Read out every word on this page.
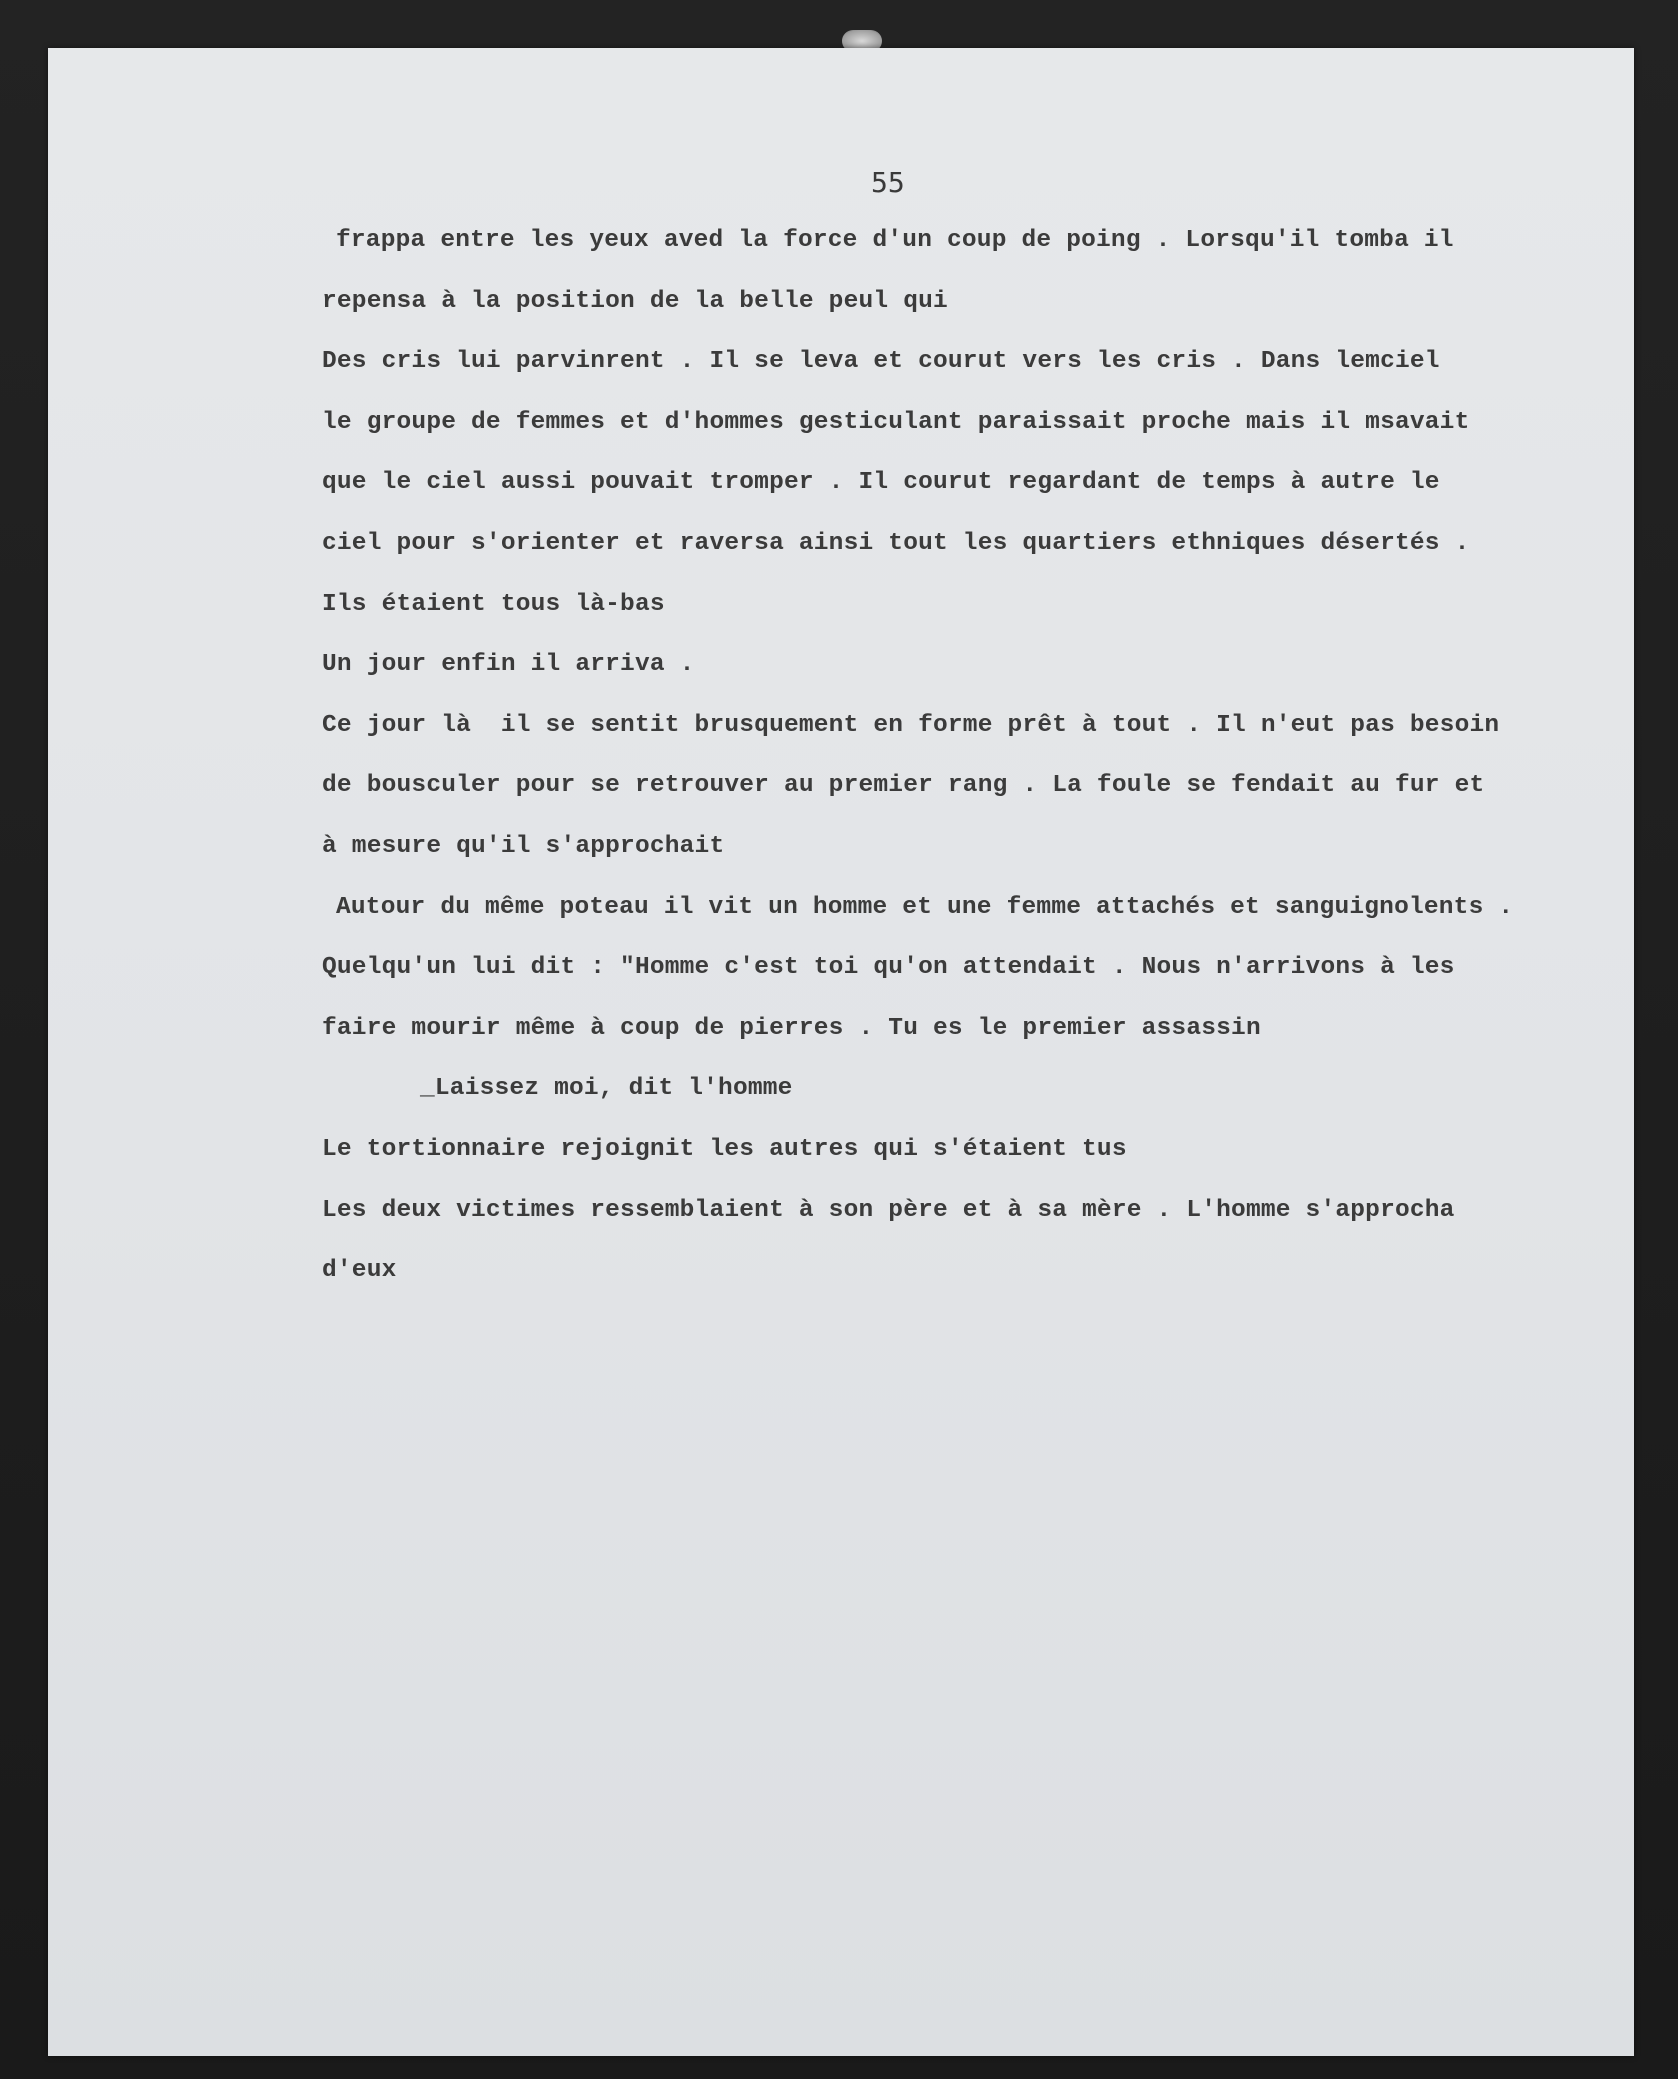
55
frappa entre les yeux aved la force d'un coup de poing . Lorsqu'il tomba il
repensa à la position de la belle peul qui
Des cris lui parvinrent . Il se leva et courut vers les cris . Dans lemciel
le groupe de femmes et d'hommes gesticulant paraissait proche mais il msavait
que le ciel aussi pouvait tromper . Il courut regardant de temps à autre le
ciel pour s'orienter et raversa ainsi tout les quartiers ethniques désertés .
Ils étaient tous là-bas
Un jour enfin il arriva .
Ce jour là  il se sentit brusquement en forme prêt à tout . Il n'eut pas besoin
de bousculer pour se retrouver au premier rang . La foule se fendait au fur et
à mesure qu'il s'approchait
Autour du même poteau il vit un homme et une femme attachés et sanguignolents .
Quelqu'un lui dit : "Homme c'est toi qu'on attendait . Nous n'arrivons à les
faire mourir même à coup de pierres . Tu es le premier assassin
_Laissez moi, dit l'homme
Le tortionnaire rejoignit les autres qui s'étaient tus
Les deux victimes ressemblaient à son père et à sa mère . L'homme s'approcha
d'eux
